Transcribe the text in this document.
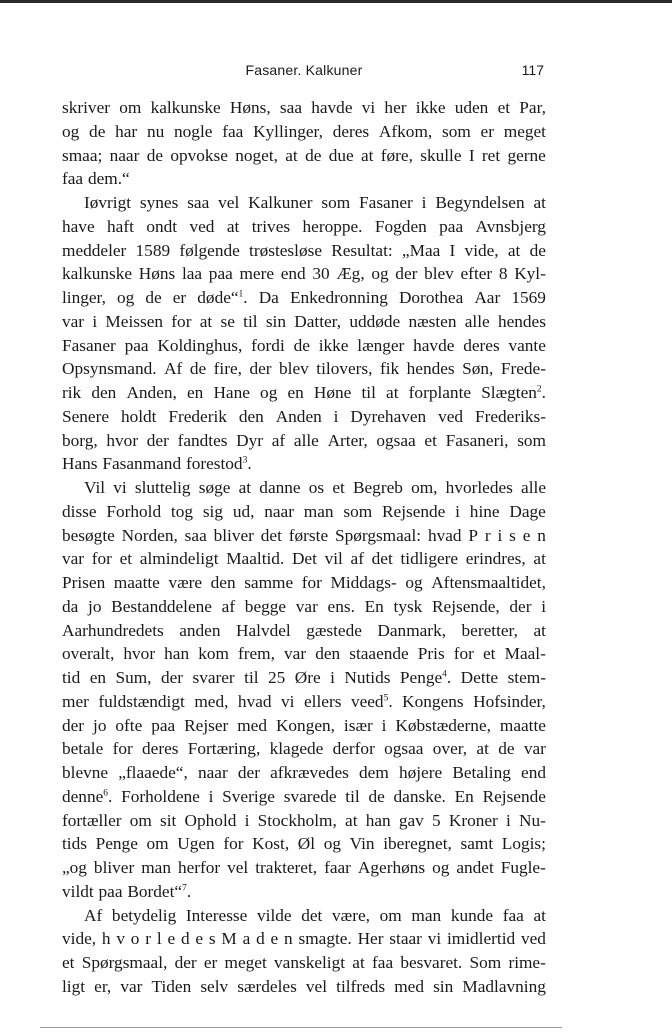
Fasaner. Kalkuner	117
skriver om kalkunske Høns, saa havde vi her ikke uden et Par,
og de har nu nogle faa Kyllinger, deres Afkom, som er meget
smaa; naar de opvokse noget, at de due at føre, skulle I ret gerne
faa dem.“
Iøvrigt synes saa vel Kalkuner som Fasaner i Begyndelsen at
have haft ondt ved at trives heroppe. Fogden paa Avnsbjerg
meddeler 1589 følgende trøstesløse Resultat: „Maa I vide, at de
kalkunske Høns laa paa mere end 30 Æg, og der blev efter 8 Kyl-
linger, og de er døde“$^1$. Da Enkedronning Dorothea Aar 1569
var i Meissen for at se til sin Datter, uddøde næsten alle hendes
Fasaner paa Koldinghus, fordi de ikke længer havde deres vante
Opsynsmand. Af de fire, der blev tilovers, fik hendes Søn, Frede-
rik den Anden, en Hane og en Høne til at forplante Slægten$^2$.
Senere holdt Frederik den Anden i Dyrehaven ved Frederiks-
borg, hvor der fandtes Dyr af alle Arter, ogsaa et Fasaneri, som
Hans Fasanmand forestod$^3$.
Vil vi sluttelig søge at danne os et Begreb om, hvorledes alle
disse Forhold tog sig ud, naar man som Rejsende i hine Dage
besøgte Norden, saa bliver det første Spørgsmaal: hvad P r i s e n
var for et almindeligt Maaltid. Det vil af det tidligere erindres, at
Prisen maatte være den samme for Middags- og Aftensmaaltidet,
da jo Bestanddelene af begge var ens. En tysk Rejsende, der i
Aarhundredets anden Halvdel gæstede Danmark, beretter, at
overalt, hvor han kom frem, var den staaende Pris for et Maal-
tid en Sum, der svarer til 25 Øre i Nutids Penge$^4$. Dette stem-
mer fuldstændigt med, hvad vi ellers veed$^5$. Kongens Hofsinder,
der jo ofte paa Rejser med Kongen, især i Købstæderne, maatte
betale for deres Fortæring, klagede derfor ogsaa over, at de var
blevne „flaaede“, naar der afkrævedes dem højere Betaling end
denne$^6$. Forholdene i Sverige svarede til de danske. En Rejsende
fortæller om sit Ophold i Stockholm, at han gav 5 Kroner i Nu-
tids Penge om Ugen for Kost, Øl og Vin iberegnet, samt Logis;
„og bliver man herfor vel trakteret, faar Agerhøns og andet Fugle-
vildt paa Bordet“$^7$.
Af betydelig Interesse vilde det være, om man kunde faa at
vide, h v o r l e d e s M a d e n smagte. Her staar vi imidlertid ved
et Spørgsmaal, der er meget vanskeligt at faa besvaret. Som rime-
ligt er, var Tiden selv særdeles vel tilfreds med sin Madlavning
